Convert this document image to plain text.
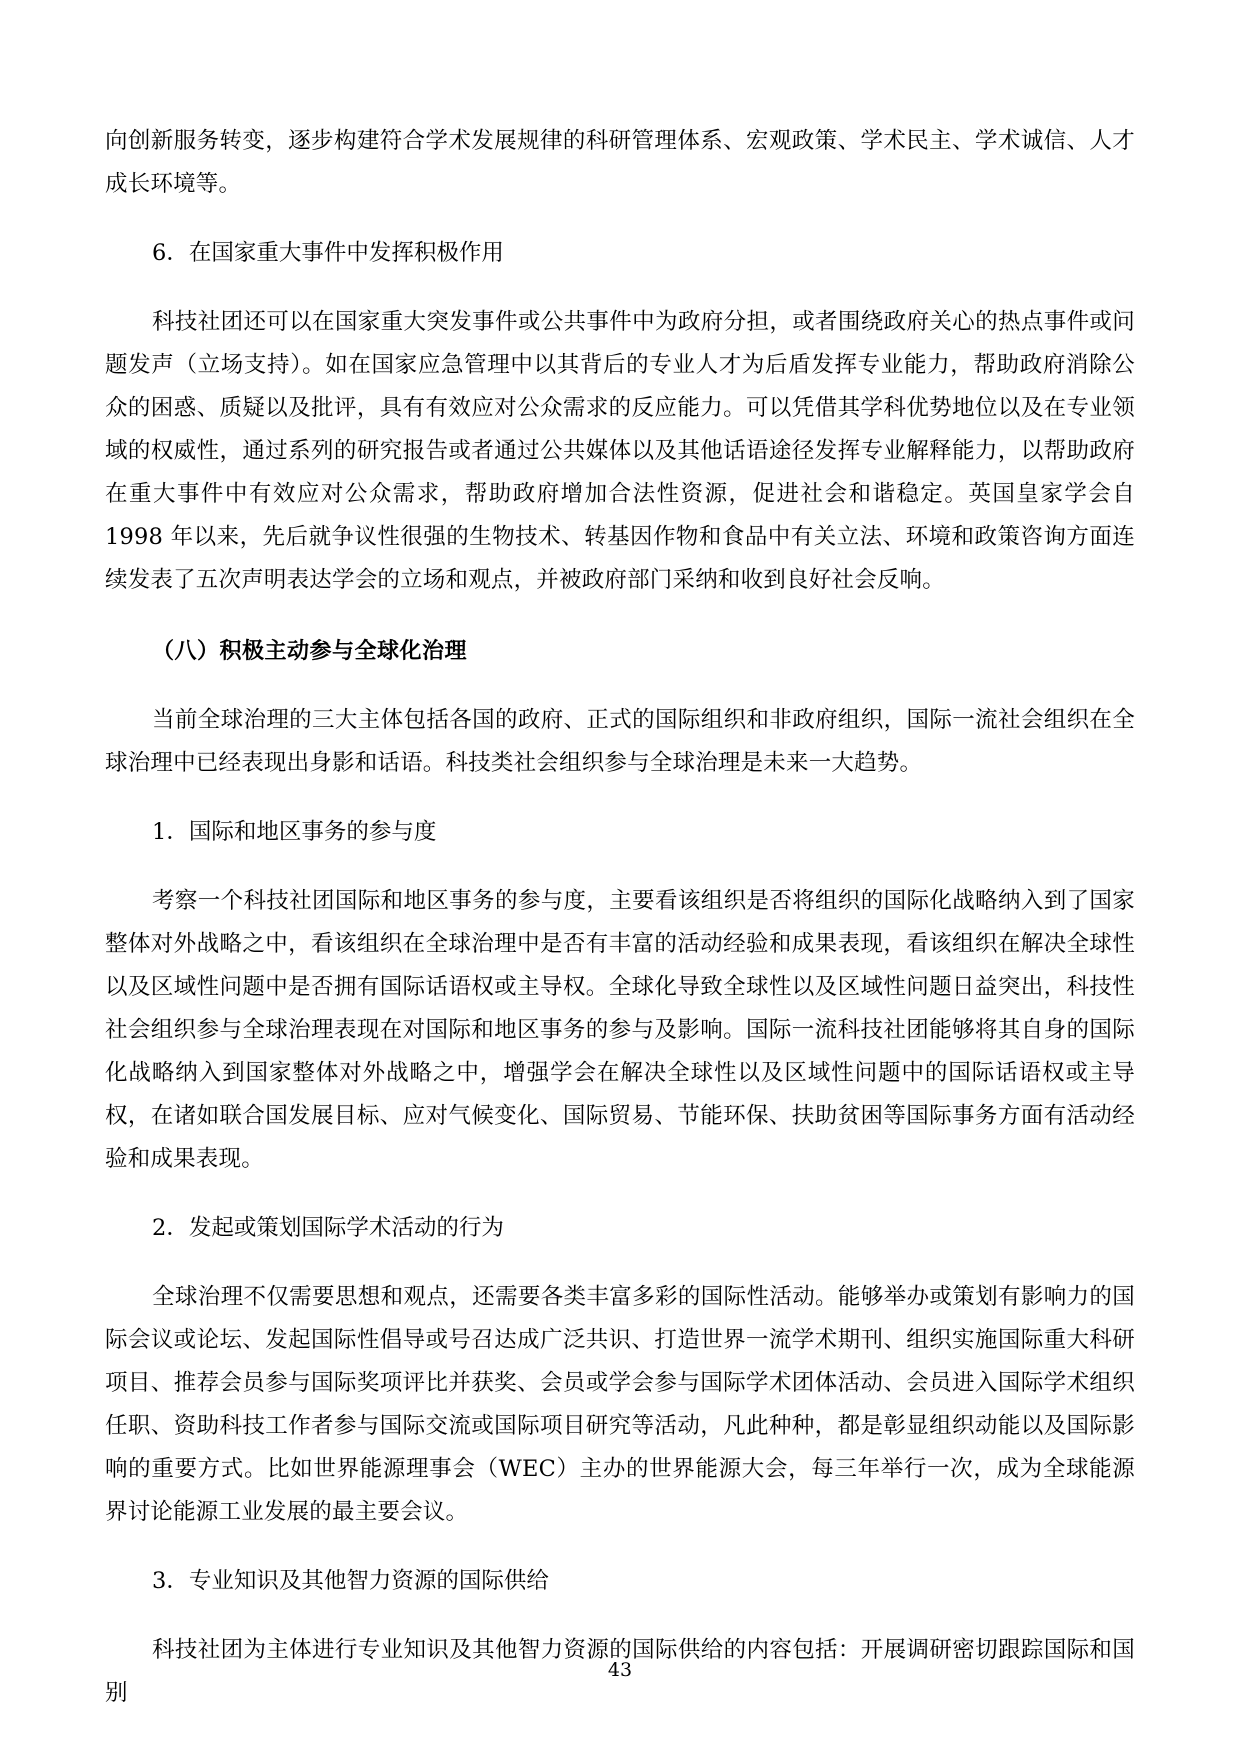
向创新服务转变，逐步构建符合学术发展规律的科研管理体系、宏观政策、学术民主、学术诚信、人才成长环境等。

6．在国家重大事件中发挥积极作用

科技社团还可以在国家重大突发事件或公共事件中为政府分担，或者围绕政府关心的热点事件或问题发声（立场支持）。如在国家应急管理中以其背后的专业人才为后盾发挥专业能力，帮助政府消除公众的困惑、质疑以及批评，具有有效应对公众需求的反应能力。可以凭借其学科优势地位以及在专业领域的权威性，通过系列的研究报告或者通过公共媒体以及其他话语途径发挥专业解释能力，以帮助政府在重大事件中有效应对公众需求，帮助政府增加合法性资源，促进社会和谐稳定。英国皇家学会自 1998 年以来，先后就争议性很强的生物技术、转基因作物和食品中有关立法、环境和政策咨询方面连续发表了五次声明表达学会的立场和观点，并被政府部门采纳和收到良好社会反响。

（八）积极主动参与全球化治理

当前全球治理的三大主体包括各国的政府、正式的国际组织和非政府组织，国际一流社会组织在全球治理中已经表现出身影和话语。科技类社会组织参与全球治理是未来一大趋势。

1．国际和地区事务的参与度

考察一个科技社团国际和地区事务的参与度，主要看该组织是否将组织的国际化战略纳入到了国家整体对外战略之中，看该组织在全球治理中是否有丰富的活动经验和成果表现，看该组织在解决全球性以及区域性问题中是否拥有国际话语权或主导权。全球化导致全球性以及区域性问题日益突出，科技性社会组织参与全球治理表现在对国际和地区事务的参与及影响。国际一流科技社团能够将其自身的国际化战略纳入到国家整体对外战略之中，增强学会在解决全球性以及区域性问题中的国际话语权或主导权，在诸如联合国发展目标、应对气候变化、国际贸易、节能环保、扶助贫困等国际事务方面有活动经验和成果表现。

2．发起或策划国际学术活动的行为

全球治理不仅需要思想和观点，还需要各类丰富多彩的国际性活动。能够举办或策划有影响力的国际会议或论坛、发起国际性倡导或号召达成广泛共识、打造世界一流学术期刊、组织实施国际重大科研项目、推荐会员参与国际奖项评比并获奖、会员或学会参与国际学术团体活动、会员进入国际学术组织任职、资助科技工作者参与国际交流或国际项目研究等活动，凡此种种，都是彰显组织动能以及国际影响的重要方式。比如世界能源理事会（WEC）主办的世界能源大会，每三年举行一次，成为全球能源界讨论能源工业发展的最主要会议。

3．专业知识及其他智力资源的国际供给

科技社团为主体进行专业知识及其他智力资源的国际供给的内容包括：开展调研密切跟踪国际和国别

43
